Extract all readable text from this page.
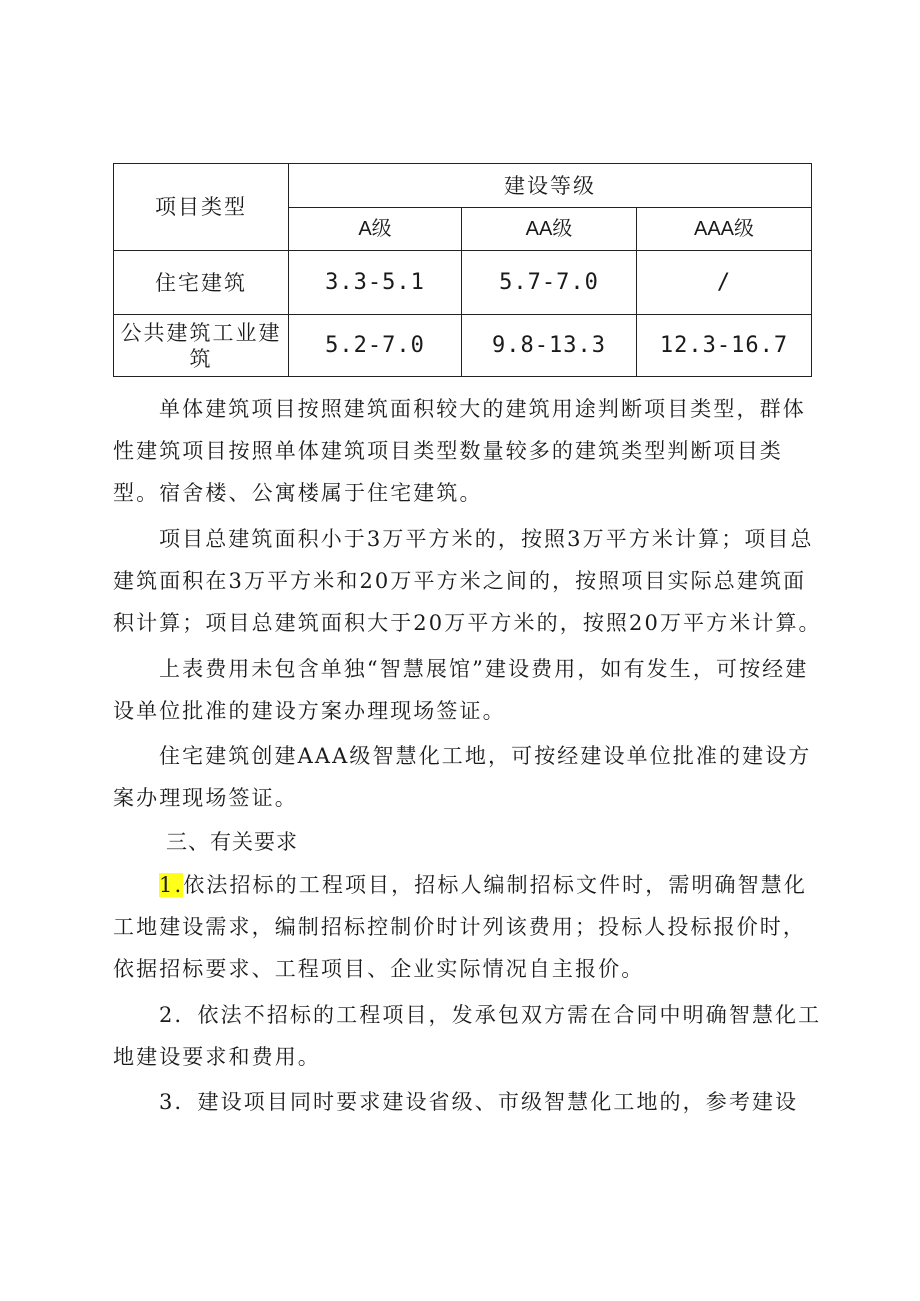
项目类型	建设等级		
	A级	AA级	AAA级
住宅建筑	3.3-5.1	5.7-7.0	/
公共建筑工业建筑	5.2-7.0	9.8-13.3	12.3-16.7

单体建筑项目按照建筑面积较大的建筑用途判断项目类型，群体性建筑项目按照单体建筑项目类型数量较多的建筑类型判断项目类型。宿舍楼、公寓楼属于住宅建筑。

项目总建筑面积小于3万平方米的，按照3万平方米计算；项目总建筑面积在3万平方米和20万平方米之间的，按照项目实际总建筑面积计算；项目总建筑面积大于20万平方米的，按照20万平方米计算。

上表费用未包含单独“智慧展馆”建设费用，如有发生，可按经建设单位批准的建设方案办理现场签证。

住宅建筑创建AAA级智慧化工地，可按经建设单位批准的建设方案办理现场签证。

三、有关要求

1.依法招标的工程项目，招标人编制招标文件时，需明确智慧化工地建设需求，编制招标控制价时计列该费用；投标人投标报价时，依据招标要求、工程项目、企业实际情况自主报价。

2．依法不招标的工程项目，发承包双方需在合同中明确智慧化工地建设要求和费用。

3．建设项目同时要求建设省级、市级智慧化工地的，参考建设
